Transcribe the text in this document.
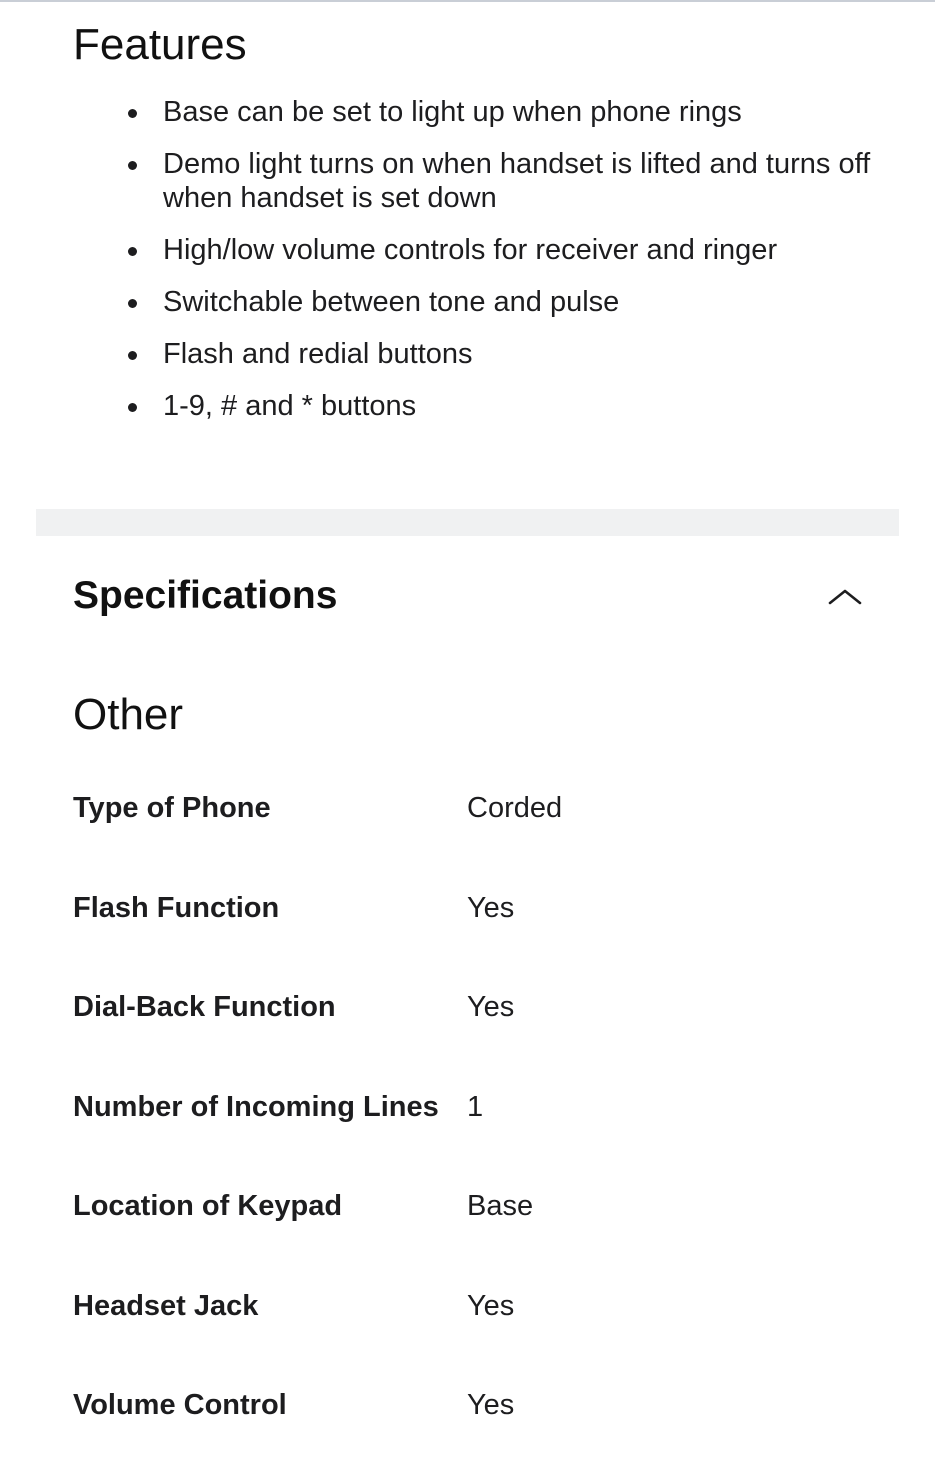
Features
Base can be set to light up when phone rings
Demo light turns on when handset is lifted and turns off when handset is set down
High/low volume controls for receiver and ringer
Switchable between tone and pulse
Flash and redial buttons
1-9, # and * buttons
Specifications
Other
Type of Phone	Corded
Flash Function	Yes
Dial-Back Function	Yes
Number of Incoming Lines 1
Location of Keypad	Base
Headset Jack	Yes
Volume Control	Yes
